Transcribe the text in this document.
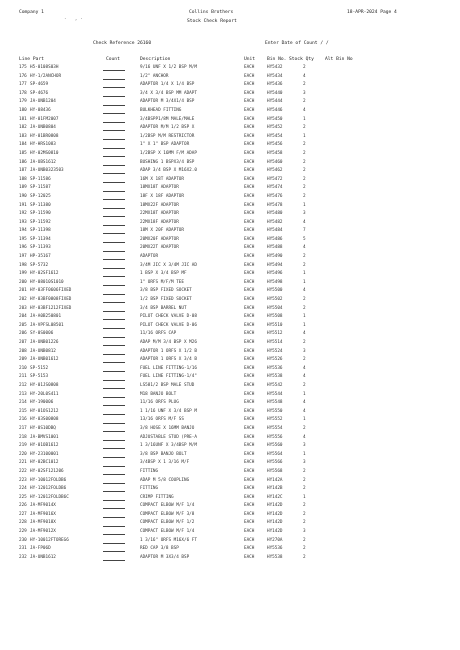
Company 1	Collins Brothers	18-APR-2024 Page 4
· ,·
Stock Check Report
Check Reference 26160	Enter Date of Count / /
Line Part	Count	Description	Unit	Bin No. Stock Qty Alt Bin No
175 H5-0108S03H	9/16 UNF X 1/2 BSP M/M	EACH	HY5432	2
176 HY-1/2ANCHOR	1/2" ANCHOR	EACH	HY5434	4
177 SP-4659	ADAPTOR 1/4 X 1/4 BSP	EACH	HY5436	2
178 SP-4676	3/4 X 3/4 BSP MM ADAPT	EACH	HY5440	3
179 JA-UNB1204	ADAPTOR M 3/4X1/4 BSP	EACH	HY5444	2
180 HY-08436	BULKHEAD FITTING	EACH	HY5446	4
181 HY-01FM2007	3/4BSPP1/8M MALE/MALE	EACH	HY5450	1
182 JA-UNB0804	ADAPTOR M/M 1/2 BSP X	EACH	HY5452	2
183 HY-01BR0808	1/2BSP M/M RESTRICTOR	EACH	HY5454	1
184 HY-HRS1083	1" X 1" BSP ADAPTOR	EACH	HY5456	2
185 HY-02MS0810	1/2BSP X 16MM F/M ADAP	EACH	HY5458	2
186 JA-UBS1612	BUSHING 1 BSPX3/4 BSP	EACH	HY5460	2
187 JA-UNB0323503	ADAP 3/4 BSP X M16X2.0	EACH	HY5462	2
188 SP-11586	16M X 18T ADAPTOR	EACH	HY5472	2
189 SP-11587	18MX18T ADAPTOR	EACH	HY5474	2
190 SP-12025	18F X 18F ADAPTOR	EACH	HY5476	2
191 SP-11380	18MX22F ADAPTOR	EACH	HY5478	1
192 SP-11590	22MX18T ADAPTOR	EACH	HY5480	3
193 SP-11592	22MX18F ADAPTOR	EACH	HY5482	4
194 SP-11398	18M X 20F ADAPTOR	EACH	HY5484	7
195 SP-11394	20MX20F ADAPTOR	EACH	HY5486	5
196 SP-11393	20MX22T ADAPTOR	EACH	HY5488	4
197 HP-35167	ADAPTOR	EACH	HY5490	2
198 SP-5732	3/4M JIC X 3/4M JIC AD	EACH	HY5494	2
199 HY-02SF1612	1 BSP X 3/4 BSP MF	EACH	HY5496	1
200 HY-08010S1010	1" ORFS M/F/M TEE	EACH	HY5498	1
201 HY-03FF0606FIXED	3/8 BSP FIXED SOCKET	EACH	HY5500	4
202 HY-03BF0808FIXED	1/2 BSP FIXED SOCKET	EACH	HY5502	2
203 HY-03BF1212FIXED	3/4 BSP BARREL NUT	EACH	HY5504	2
204 JA-A0B250801	PILOT CHECK VALVE D-08	EACH	HY5508	1
205 JA-VPFSL08501	PILOT CHECK VALVE D-06	EACH	HY5510	1
206 SY-0S0006	11/16 ORFS CAP	EACH	HY5512	4
207 JA-UNB01226	ADAP M/M 3/4 BSP X M26	EACH	HY5514	2
208 JA-UNB0812	ADAPTOR 1 ORFS X 1/2 B	EACH	HY5524	3
209 JA-UNB01612	ADAPTOR 1 ORFS X 3/4 B	EACH	HY5526	2
210 SP-5152	FUEL LINE FITTING-1/16	EACH	HY5536	4
211 SP-5153	FUEL LINE FITTING-1/4"	EACH	HY5538	4
212 HY-01JS0808	LS581/2 BSP MALE STUD	EACH	HY5542	2
213 HY-20L0S411	M18 BANJO BOLT	EACH	HY5544	1
214 HY-190006	11/16 ORFS PLUG	EACH	HY5548	4
215 HY-01OS1212	1 1/16 UNF X 3/4 BSP M	EACH	HY5550	4
216 HY-03S00808	13/16 ORFS M/F SS	EACH	HY5552	1
217 HY-0S10DBQ	3/8 HOSE X 16MM BANJO	EACH	HY5554	2
218 JA-BMVS1001	ADJUSTABLE STUD (PRE-A	EACH	HY5556	4
219 HY-01OB1612	1 3/16UNF X 3/4BSP M/M	EACH	HY5560	3
220 HY-23100001	3/8 BSP BANJO BOLT	EACH	HY5564	1
221 HY-02BC1012	3/4BSP X 1 3/16 M/F	EACH	HY5566	3
222 HY-02SF121206	FITTING	EACH	HY5568	2
223 HY-10012FOLDB6	ADAP M 5/8 COUPLING	EACH	HY142A	2
224 HY-12012FOLDB6	FITTING	EACH	HY142B	2
225 HY-12012FOLDB6C	CRIMP FITTING	EACH	HY142C	1
226 JA-MF9014X	COMPACT ELBOW M/F 1/4	EACH	HY142D	2
227 JA-MF9016X	COMPACT ELBOW M/F 3/8	EACH	HY142D	2
228 JA-MF9018X	COMPACT ELBOW M/F 1/2	EACH	HY142D	2
229 JA-MF9012X	COMPACT ELBOW M/F 1/4	EACH	HY142D	3
230 HY-10012FTOREG6	1 3/16" ORFS M16X/6 FT	EACH	HY270A	2
231 JA-FP06D	RED CAP 3/8 BSP	EACH	HY5536	2
232 JA-UNB1612	ADAPTOR M 3X3/4 BSP	EACH	HY5538	2
